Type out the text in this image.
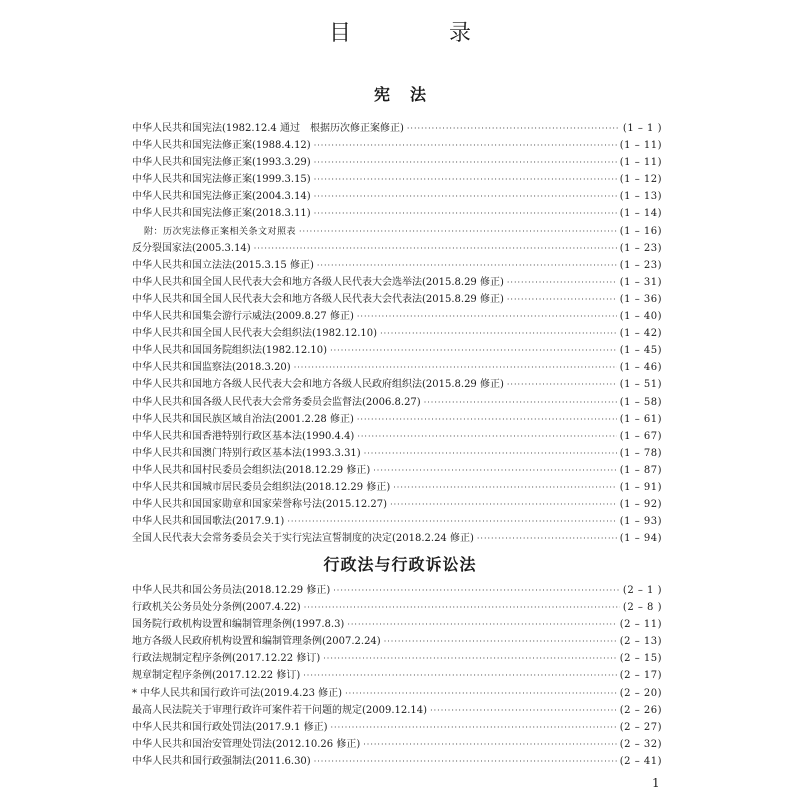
目　录
宪法
中华人民共和国宪法(1982.12.4 通过　根据历次修正案修正) ·····	(1 – 1 )
中华人民共和国宪法修正案(1988.4.12) ·····	(1 – 11)
中华人民共和国宪法修正案(1993.3.29) ·····	(1 – 11)
中华人民共和国宪法修正案(1999.3.15) ·····	(1 – 12)
中华人民共和国宪法修正案(2004.3.14) ·····	(1 – 13)
中华人民共和国宪法修正案(2018.3.11) ·····	(1 – 14)
附：历次宪法修正案相关条文对照表 ·····	(1 – 16)
反分裂国家法(2005.3.14) ·····	(1 – 23)
中华人民共和国立法法(2015.3.15 修正) ·····	(1 – 23)
中华人民共和国全国人民代表大会和地方各级人民代表大会选举法(2015.8.29 修正) ·····	(1 – 31)
中华人民共和国全国人民代表大会和地方各级人民代表大会代表法(2015.8.29 修正) ·····	(1 – 36)
中华人民共和国集会游行示威法(2009.8.27 修正) ·····	(1 – 40)
中华人民共和国全国人民代表大会组织法(1982.12.10) ·····	(1 – 42)
中华人民共和国国务院组织法(1982.12.10) ·····	(1 – 45)
中华人民共和国监察法(2018.3.20) ·····	(1 – 46)
中华人民共和国地方各级人民代表大会和地方各级人民政府组织法(2015.8.29 修正) ·····	(1 – 51)
中华人民共和国各级人民代表大会常务委员会监督法(2006.8.27) ·····	(1 – 58)
中华人民共和国民族区域自治法(2001.2.28 修正) ·····	(1 – 61)
中华人民共和国香港特别行政区基本法(1990.4.4) ·····	(1 – 67)
中华人民共和国澳门特别行政区基本法(1993.3.31) ·····	(1 – 78)
中华人民共和国村民委员会组织法(2018.12.29 修正) ·····	(1 – 87)
中华人民共和国城市居民委员会组织法(2018.12.29 修正) ·····	(1 – 91)
中华人民共和国国家勋章和国家荣誉称号法(2015.12.27) ·····	(1 – 92)
中华人民共和国国歌法(2017.9.1) ·····	(1 – 93)
全国人民代表大会常务委员会关于实行宪法宣誓制度的决定(2018.2.24 修正) ·····	(1 – 94)
行政法与行政诉讼法
中华人民共和国公务员法(2018.12.29 修正) ·····	(2 – 1 )
行政机关公务员处分条例(2007.4.22) ·····	(2 – 8 )
国务院行政机构设置和编制管理条例(1997.8.3) ·····	(2 – 11)
地方各级人民政府机构设置和编制管理条例(2007.2.24) ·····	(2 – 13)
行政法规制定程序条例(2017.12.22 修订) ·····	(2 – 15)
规章制定程序条例(2017.12.22 修订) ·····	(2 – 17)
* 中华人民共和国行政许可法(2019.4.23 修正) ·····	(2 – 20)
最高人民法院关于审理行政许可案件若干问题的规定(2009.12.14) ·····	(2 – 26)
中华人民共和国行政处罚法(2017.9.1 修正) ·····	(2 – 27)
中华人民共和国治安管理处罚法(2012.10.26 修正) ·····	(2 – 32)
中华人民共和国行政强制法(2011.6.30) ·····	(2 – 41)
1
